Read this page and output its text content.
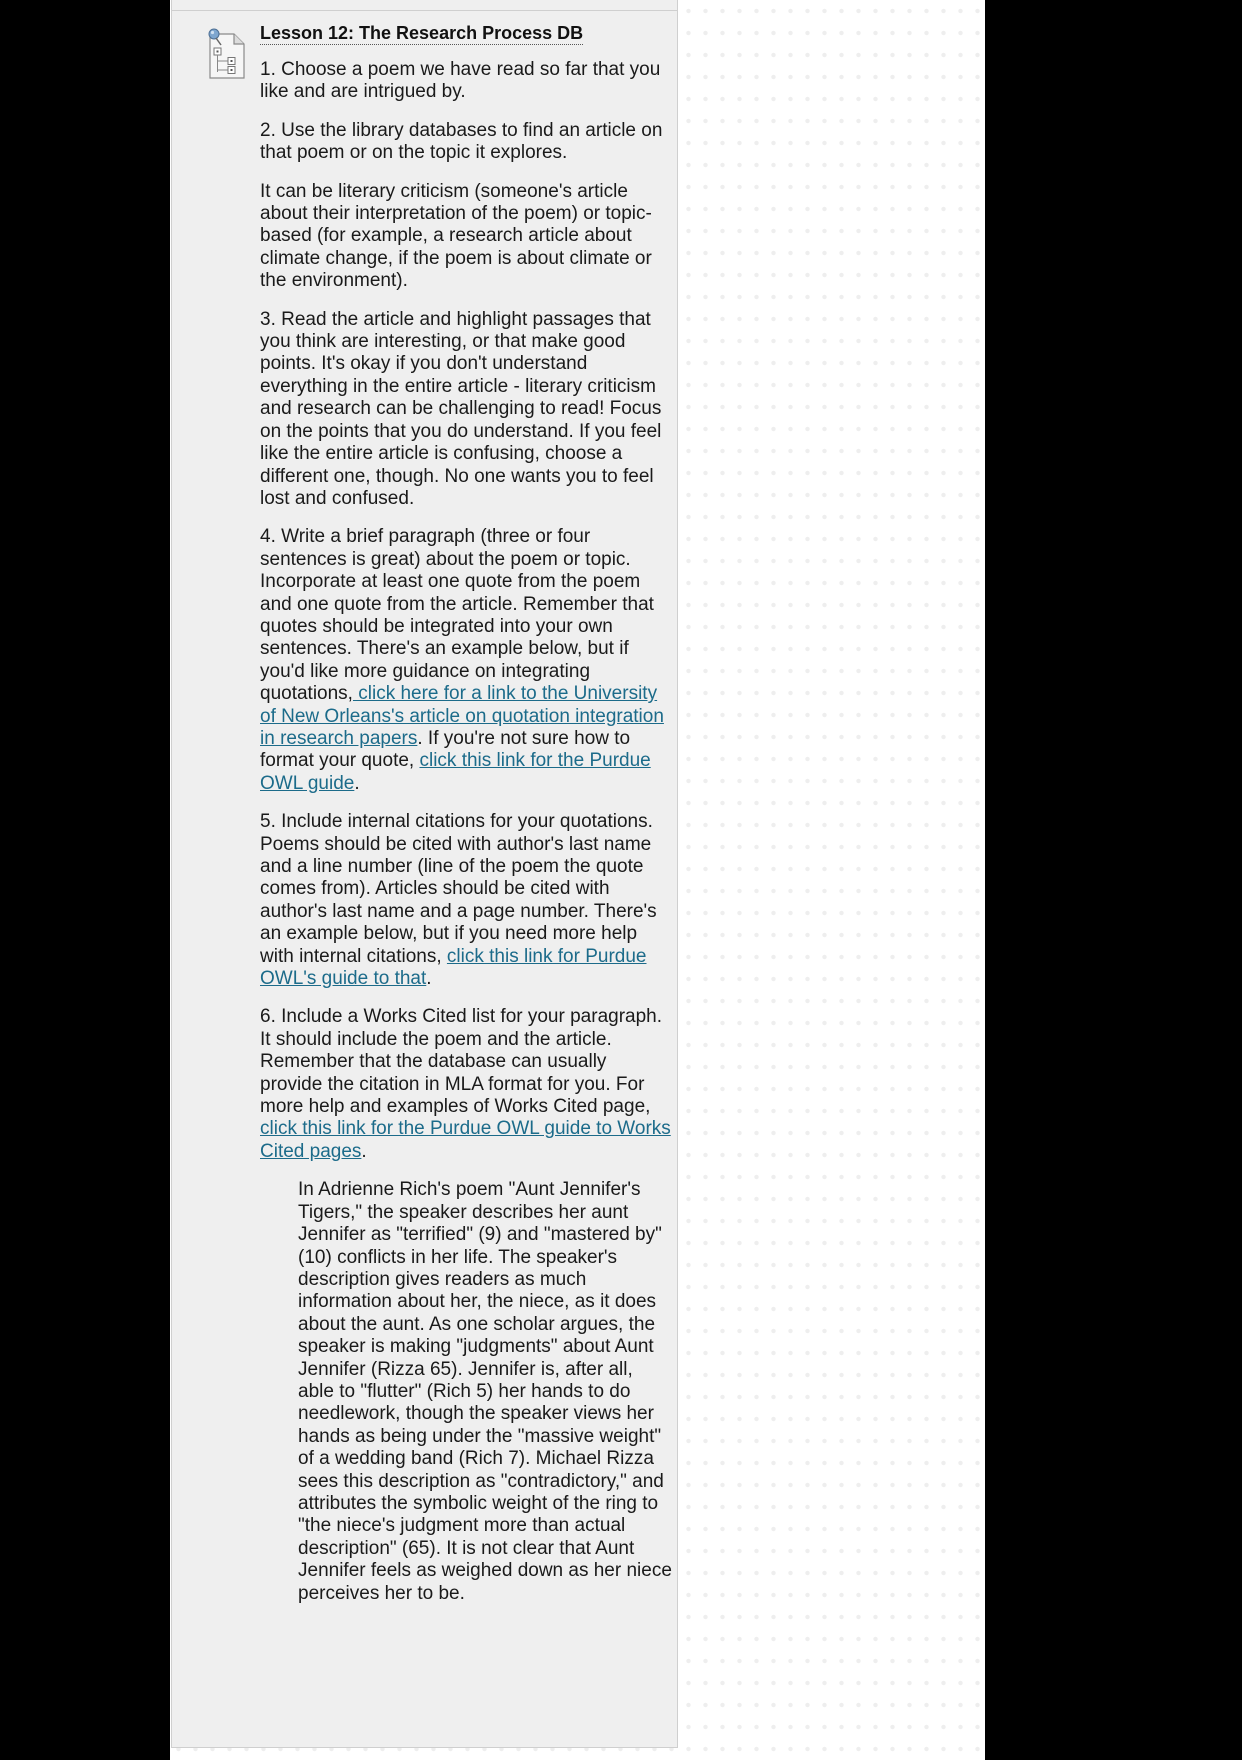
Lesson 12: The Research Process DB

1. Choose a poem we have read so far that you like and are intrigued by.

2. Use the library databases to find an article on that poem or on the topic it explores.

It can be literary criticism (someone's article about their interpretation of the poem) or topic-based (for example, a research article about climate change, if the poem is about climate or the environment).

3. Read the article and highlight passages that you think are interesting, or that make good points. It's okay if you don't understand everything in the entire article - literary criticism and research can be challenging to read! Focus on the points that you do understand. If you feel like the entire article is confusing, choose a different one, though. No one wants you to feel lost and confused.

4. Write a brief paragraph (three or four sentences is great) about the poem or topic. Incorporate at least one quote from the poem and one quote from the article. Remember that quotes should be integrated into your own sentences. There's an example below, but if you'd like more guidance on integrating quotations, click here for a link to the University of New Orleans's article on quotation integration in research papers. If you're not sure how to format your quote, click this link for the Purdue OWL guide.

5. Include internal citations for your quotations. Poems should be cited with author's last name and a line number (line of the poem the quote comes from). Articles should be cited with author's last name and a page number. There's an example below, but if you need more help with internal citations, click this link for Purdue OWL's guide to that.

6. Include a Works Cited list for your paragraph. It should include the poem and the article. Remember that the database can usually provide the citation in MLA format for you. For more help and examples of Works Cited page, click this link for the Purdue OWL guide to Works Cited pages.

In Adrienne Rich's poem "Aunt Jennifer's Tigers," the speaker describes her aunt Jennifer as "terrified" (9) and "mastered by" (10) conflicts in her life. The speaker's description gives readers as much information about her, the niece, as it does about the aunt. As one scholar argues, the speaker is making "judgments" about Aunt Jennifer (Rizza 65). Jennifer is, after all, able to "flutter" (Rich 5) her hands to do needlework, though the speaker views her hands as being under the "massive weight" of a wedding band (Rich 7). Michael Rizza sees this description as "contradictory," and attributes the symbolic weight of the ring to "the niece's judgment more than actual description" (65). It is not clear that Aunt Jennifer feels as weighed down as her niece perceives her to be.
